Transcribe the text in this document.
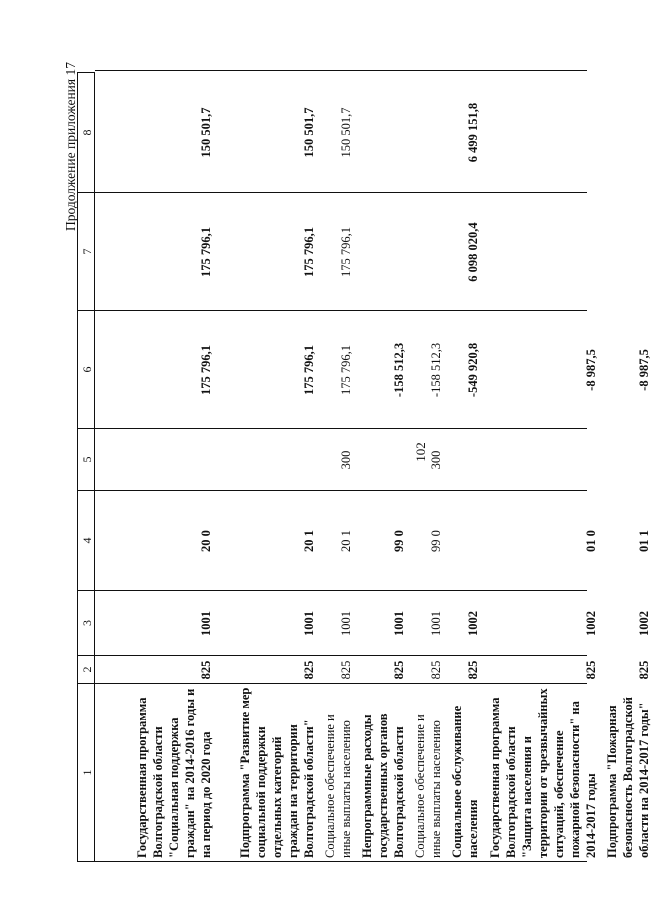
102
Продолжение приложения 17
1
2
3
4
5
6
7
8
Государственная программа Волгоградской области "Социальная поддержка граждан" на 2014-2016 годы и на период до 2020 года
825
1001
20 0
175 796,1
175 796,1
150 501,7
Подпрограмма "Развитие мер социальной поддержки отдельных категорий граждан на территории Волгоградской области"
825
1001
20 1
175 796,1
175 796,1
150 501,7
Социальное обеспечение и иные выплаты населению
825
1001
20 1
300
175 796,1
175 796,1
150 501,7
Непрограммные расходы государственных органов Волгоградской области
825
1001
99 0
-158 512,3
Социальное обеспечение и иные выплаты населению
825
1001
99 0
300
-158 512,3
Социальное обслуживание населения
825
1002
-549 920,8
6 098 020,4
6 499 151,8
Государственная программа Волгоградской области "Защита населения и территории от чрезвычайных ситуаций, обеспечение пожарной безопасности" на 2014-2017 годы
825
1002
01 0
-8 987,5
Подпрограмма "Пожарная безопасность Волгоградской области на 2014-2017 годы"
825
1002
01 1
-8 987,5
